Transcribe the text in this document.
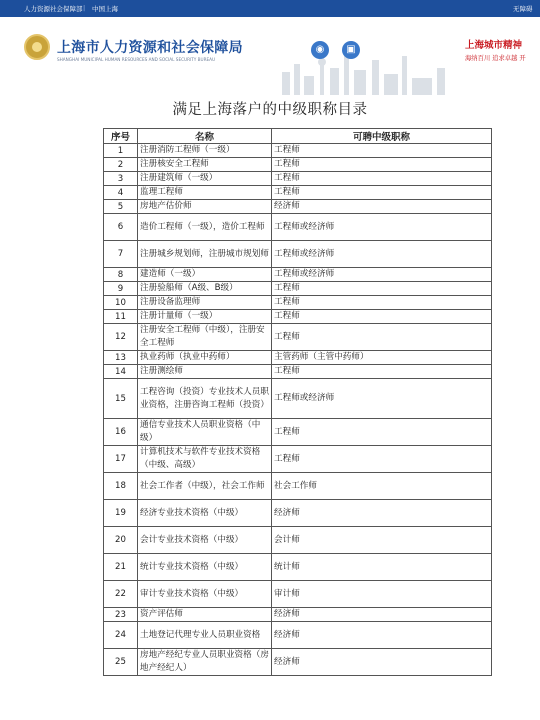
人力资源社会保障部 | 中国上海	无障碍
上海市人力资源和社会保障局
SHANGHAI MUNICIPAL HUMAN RESOURCES AND SOCIAL SECURITY BUREAU
◉	▣	上海城市精神
海纳百川 追求卓越 开
满足上海落户的中级职称目录
序号	名称	可聘中级职称
1	注册消防工程师（一级）	工程师
2	注册核安全工程师	工程师
3	注册建筑师（一级）	工程师
4	监理工程师	工程师
5	房地产估价师	经济师
6	造价工程师（一级），造价工程师	工程师或经济师
7	注册城乡规划师，注册城市规划师	工程师或经济师
8	建造师（一级）	工程师或经济师
9	注册验船师（A级、B级）	工程师
10	注册设备监理师	工程师
11	注册计量师（一级）	工程师
12	注册安全工程师（中级），注册安全工程师	工程师
13	执业药师（执业中药师）	主管药师（主管中药师）
14	注册测绘师	工程师
15	工程咨询（投资）专业技术人员职业资格，注册咨询工程师（投资）	工程师或经济师
16	通信专业技术人员职业资格（中级）	工程师
17	计算机技术与软件专业技术资格（中级、高级）	工程师
18	社会工作者（中级），社会工作师	社会工作师
19	经济专业技术资格（中级）	经济师
20	会计专业技术资格（中级）	会计师
21	统计专业技术资格（中级）	统计师
22	审计专业技术资格（中级）	审计师
23	资产评估师	经济师
24	土地登记代理专业人员职业资格	经济师
25	房地产经纪专业人员职业资格（房地产经纪人）	经济师
